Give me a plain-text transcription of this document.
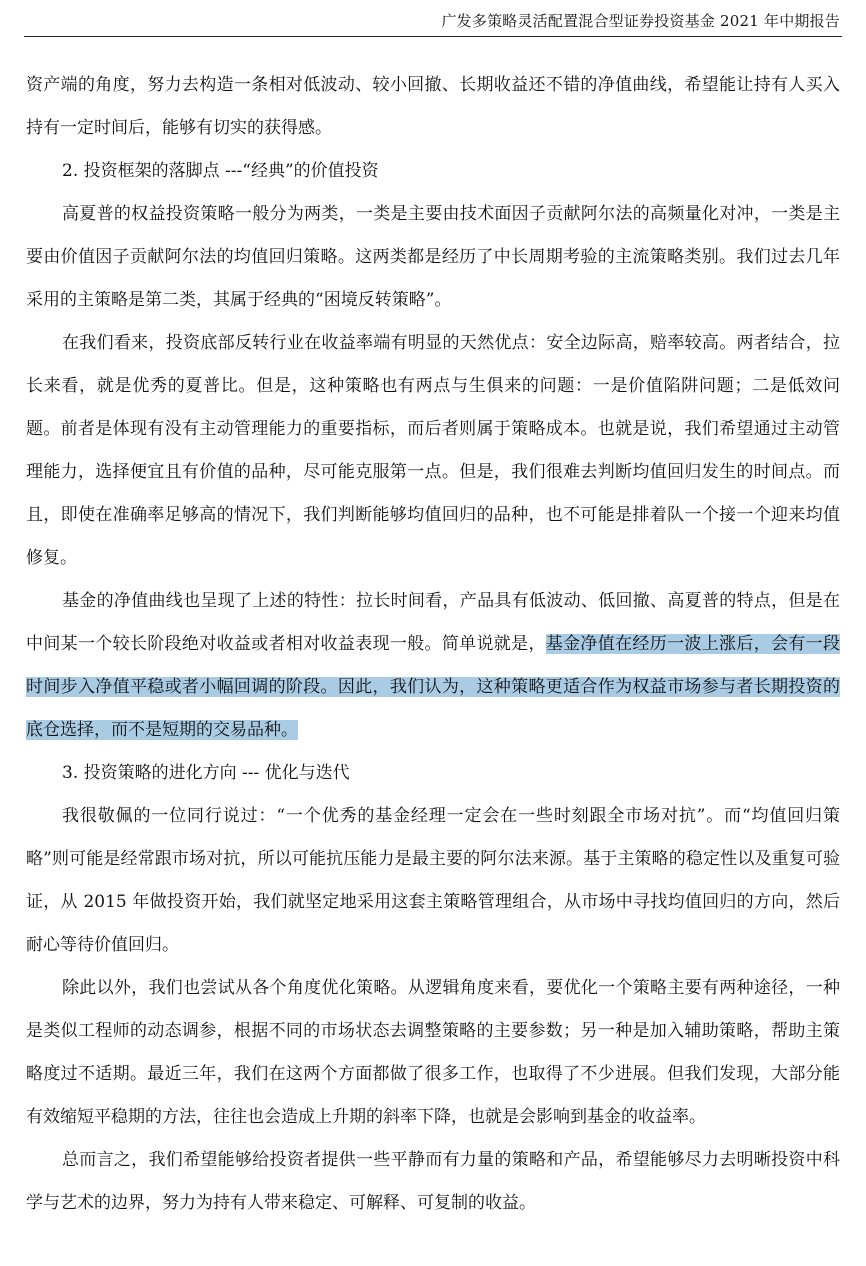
广发多策略灵活配置混合型证券投资基金 2021 年中期报告

资产端的角度，努力去构造一条相对低波动、较小回撤、长期收益还不错的净值曲线，希望能让持有人买入持有一定时间后，能够有切实的获得感。

2. 投资框架的落脚点 ---“经典”的价值投资

高夏普的权益投资策略一般分为两类，一类是主要由技术面因子贡献阿尔法的高频量化对冲，一类是主要由价值因子贡献阿尔法的均值回归策略。这两类都是经历了中长周期考验的主流策略类别。我们过去几年采用的主策略是第二类，其属于经典的“困境反转策略”。

在我们看来，投资底部反转行业在收益率端有明显的天然优点：安全边际高，赔率较高。两者结合，拉长来看，就是优秀的夏普比。但是，这种策略也有两点与生俱来的问题：一是价值陷阱问题；二是低效问题。前者是体现有没有主动管理能力的重要指标，而后者则属于策略成本。也就是说，我们希望通过主动管理能力，选择便宜且有价值的品种，尽可能克服第一点。但是，我们很难去判断均值回归发生的时间点。而且，即使在准确率足够高的情况下，我们判断能够均值回归的品种，也不可能是排着队一个接一个迎来均值修复。

基金的净值曲线也呈现了上述的特性：拉长时间看，产品具有低波动、低回撤、高夏普的特点，但是在中间某一个较长阶段绝对收益或者相对收益表现一般。简单说就是，基金净值在经历一波上涨后，会有一段时间步入净值平稳或者小幅回调的阶段。因此，我们认为，这种策略更适合作为权益市场参与者长期投资的底仓选择，而不是短期的交易品种。

3. 投资策略的进化方向 --- 优化与迭代

我很敬佩的一位同行说过：“一个优秀的基金经理一定会在一些时刻跟全市场对抗”。而“均值回归策略”则可能是经常跟市场对抗，所以可能抗压能力是最主要的阿尔法来源。基于主策略的稳定性以及重复可验证，从 2015 年做投资开始，我们就坚定地采用这套主策略管理组合，从市场中寻找均值回归的方向，然后耐心等待价值回归。

除此以外，我们也尝试从各个角度优化策略。从逻辑角度来看，要优化一个策略主要有两种途径，一种是类似工程师的动态调参，根据不同的市场状态去调整策略的主要参数；另一种是加入辅助策略，帮助主策略度过不适期。最近三年，我们在这两个方面都做了很多工作，也取得了不少进展。但我们发现，大部分能有效缩短平稳期的方法，往往也会造成上升期的斜率下降，也就是会影响到基金的收益率。

总而言之，我们希望能够给投资者提供一些平静而有力量的策略和产品，希望能够尽力去明晰投资中科学与艺术的边界，努力为持有人带来稳定、可解释、可复制的收益。
